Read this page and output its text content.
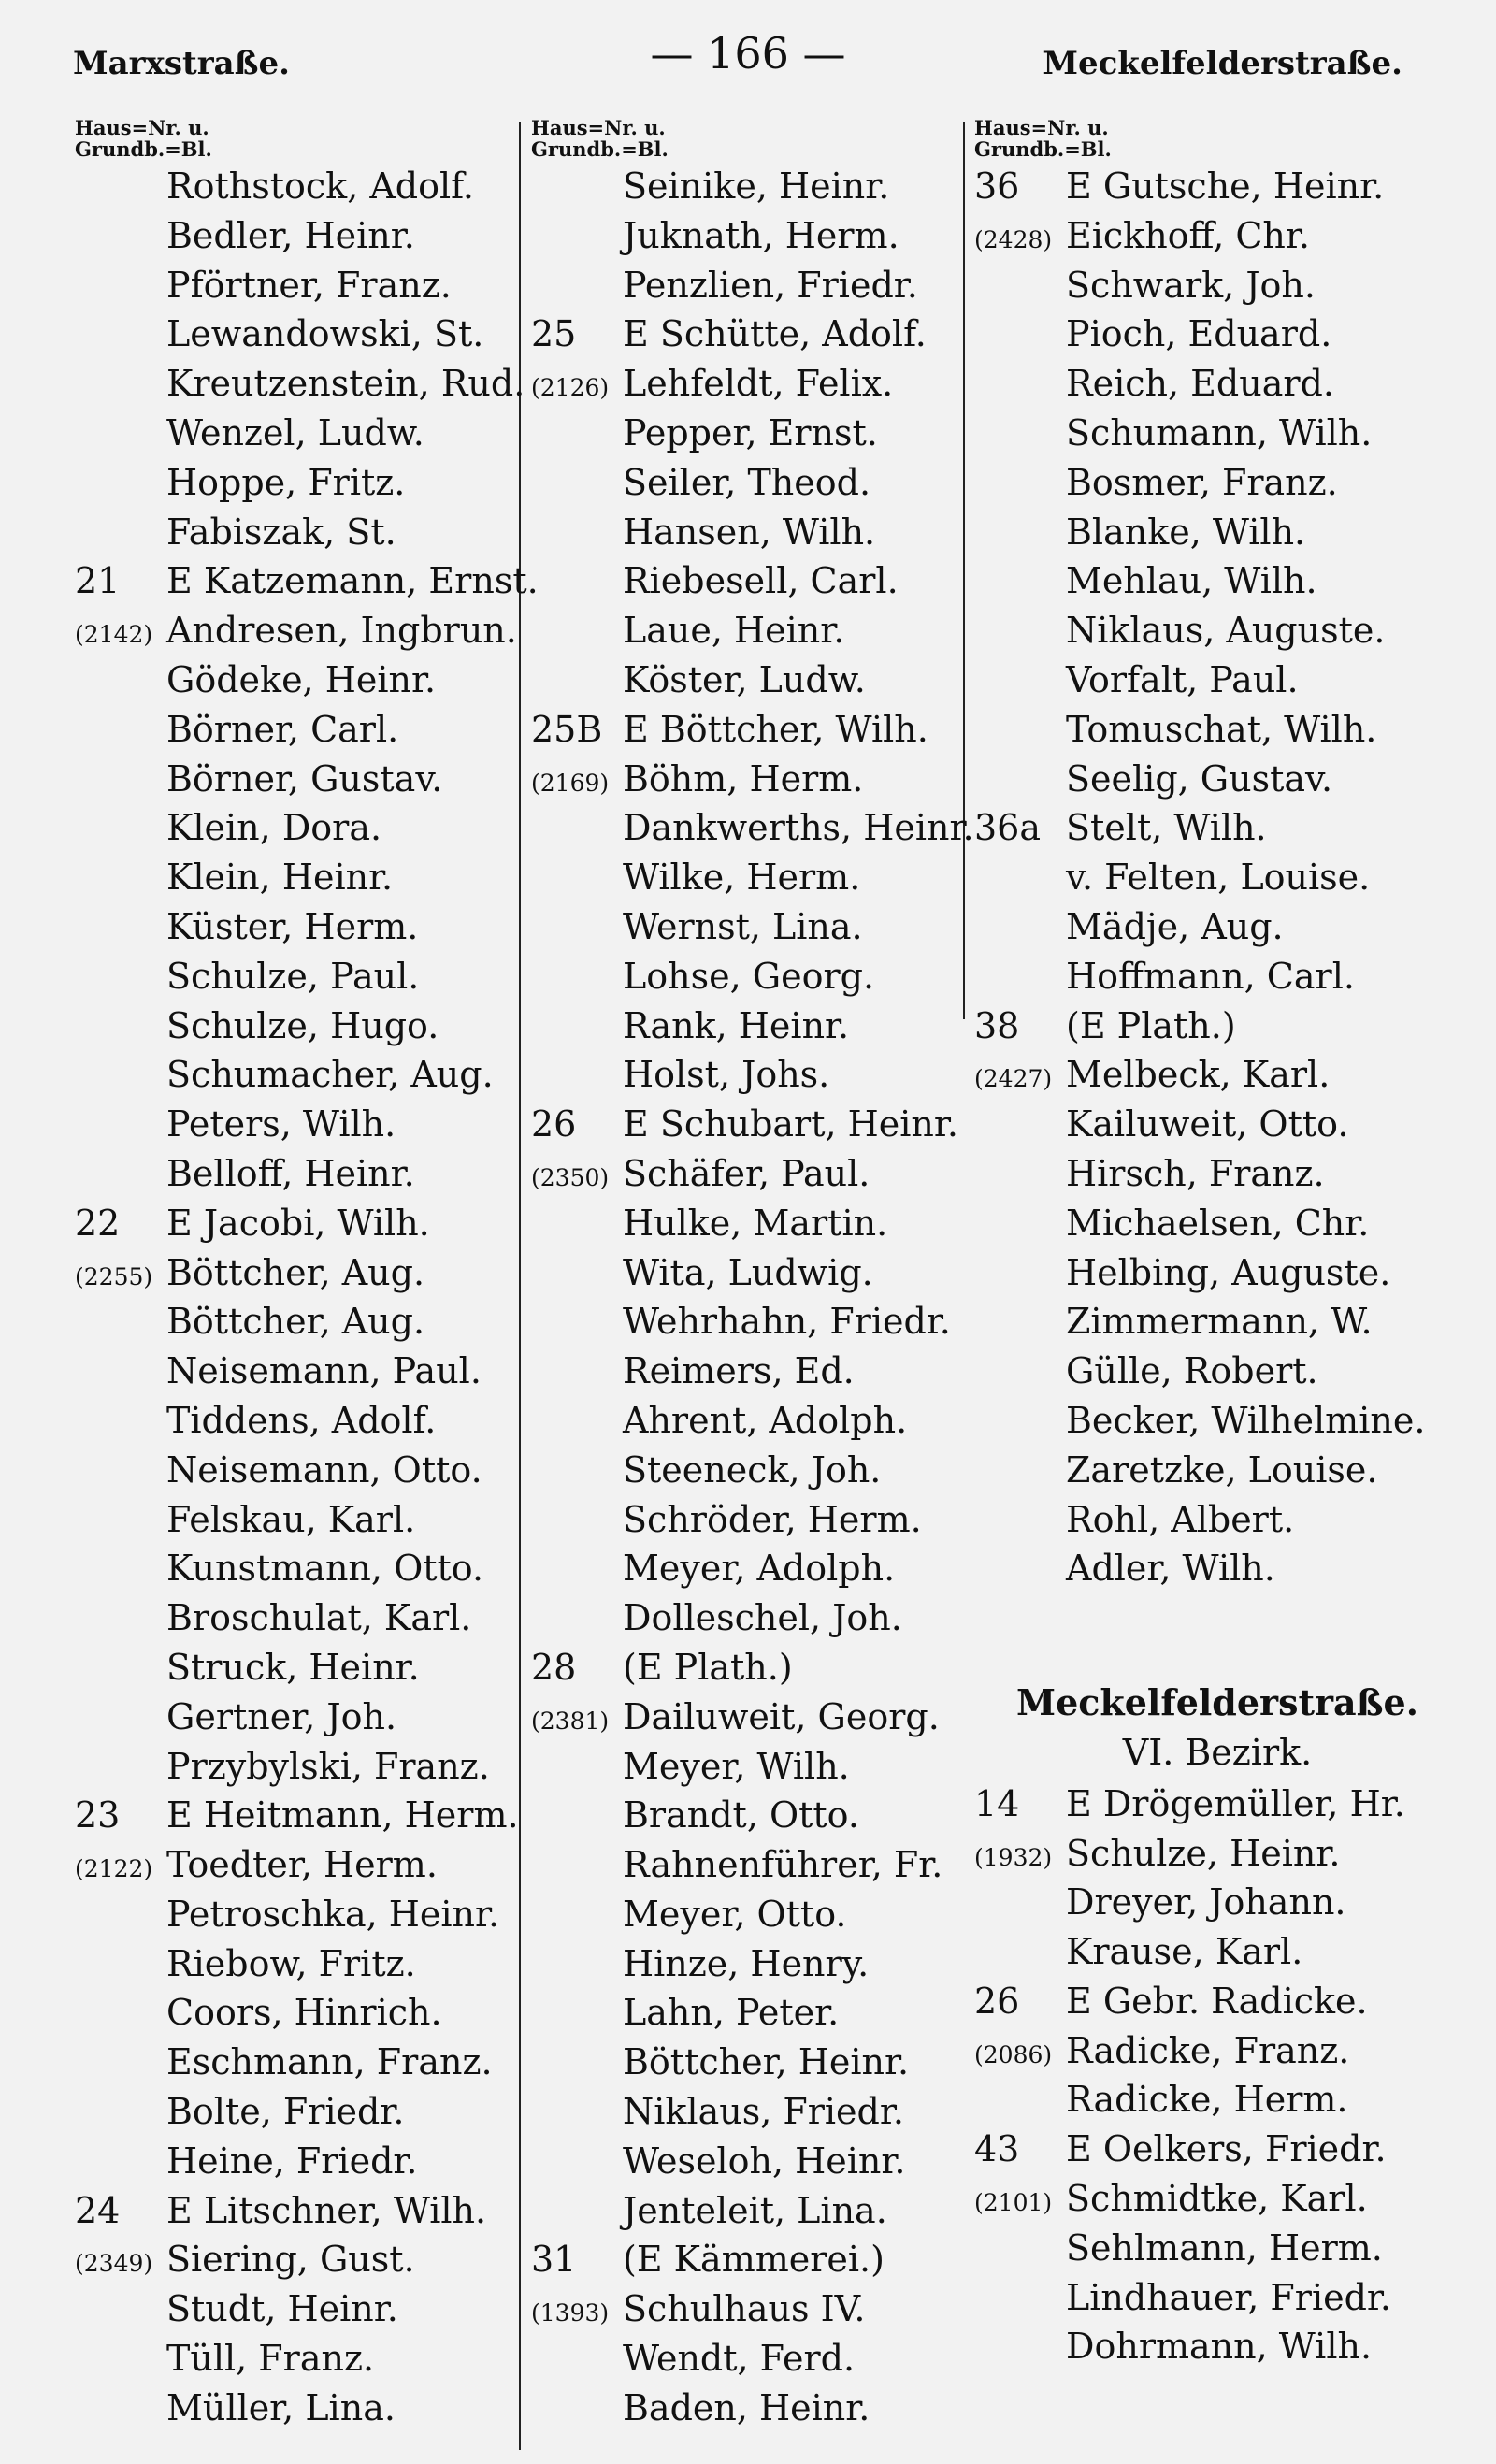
Marxstraße.	— 166 —	Meckelfelderstraße.
Haus=Nr. u.
Grundb.=Bl.
Rothstock, Adolf.
Bedler, Heinr.
Pförtner, Franz.
Lewandowski, St.
Kreutzenstein, Rud.
Wenzel, Ludw.
Hoppe, Fritz.
Fabiszak, St.
21	E Katzemann, Ernst.
(2142) Andresen, Ingbrun.
Gödeke, Heinr.
Börner, Carl.
Börner, Gustav.
Klein, Dora.
Klein, Heinr.
Küster, Herm.
Schulze, Paul.
Schulze, Hugo.
Schumacher, Aug.
Peters, Wilh.
Belloff, Heinr.
22	E Jacobi, Wilh.
(2255) Böttcher, Aug.
Böttcher, Aug.
Neisemann, Paul.
Tiddens, Adolf.
Neisemann, Otto.
Felskau, Karl.
Kunstmann, Otto.
Broschulat, Karl.
Struck, Heinr.
Gertner, Joh.
Przybylski, Franz.
23	E Heitmann, Herm.
(2122) Toedter, Herm.
Petroschka, Heinr.
Riebow, Fritz.
Coors, Hinrich.
Eschmann, Franz.
Bolte, Friedr.
Heine, Friedr.
24	E Litschner, Wilh.
(2349) Siering, Gust.
Studt, Heinr.
Tüll, Franz.
Müller, Lina.
Haus=Nr. u.
Grundb.=Bl.
Seinike, Heinr.
Juknath, Herm.
Penzlien, Friedr.
25	E Schütte, Adolf.
(2126) Lehfeldt, Felix.
Pepper, Ernst.
Seiler, Theod.
Hansen, Wilh.
Riebesell, Carl.
Laue, Heinr.
Köster, Ludw.
25B E Böttcher, Wilh.
(2169) Böhm, Herm.
Dankwerths, Heinr.
Wilke, Herm.
Wernst, Lina.
Lohse, Georg.
Rank, Heinr.
Holst, Johs.
26	E Schubart, Heinr.
(2350) Schäfer, Paul.
Hulke, Martin.
Wita, Ludwig.
Wehrhahn, Friedr.
Reimers, Ed.
Ahrent, Adolph.
Steeneck, Joh.
Schröder, Herm.
Meyer, Adolph.
Dolleschel, Joh.
28	(E Plath.)
(2381) Dailuweit, Georg.
Meyer, Wilh.
Brandt, Otto.
Rahnenführer, Fr.
Meyer, Otto.
Hinze, Henry.
Lahn, Peter.
Böttcher, Heinr.
Niklaus, Friedr.
Weseloh, Heinr.
Jenteleit, Lina.
31	(E Kämmerei.)
(1393) Schulhaus IV.
Wendt, Ferd.
Baden, Heinr.
Haus=Nr. u.
Grundb.=Bl.
36	E Gutsche, Heinr.
(2428) Eickhoff, Chr.
Schwark, Joh.
Pioch, Eduard.
Reich, Eduard.
Schumann, Wilh.
Bosmer, Franz.
Blanke, Wilh.
Mehlau, Wilh.
Niklaus, Auguste.
Vorfalt, Paul.
Tomuschat, Wilh.
Seelig, Gustav.
36a Stelt, Wilh.
v. Felten, Louise.
Mädje, Aug.
Hoffmann, Carl.
38	(E Plath.)
(2427) Melbeck, Karl.
Kailuweit, Otto.
Hirsch, Franz.
Michaelsen, Chr.
Helbing, Auguste.
Zimmermann, W.
Gülle, Robert.
Becker, Wilhelmine.
Zaretzke, Louise.
Rohl, Albert.
Adler, Wilh.
Meckelfelderstraße.
VI. Bezirk.
14	E Drögemüller, Hr.
(1932) Schulze, Heinr.
Dreyer, Johann.
Krause, Karl.
26	E Gebr. Radicke.
(2086) Radicke, Franz.
Radicke, Herm.
43	E Oelkers, Friedr.
(2101) Schmidtke, Karl.
Sehlmann, Herm.
Lindhauer, Friedr.
Dohrmann, Wilh.
